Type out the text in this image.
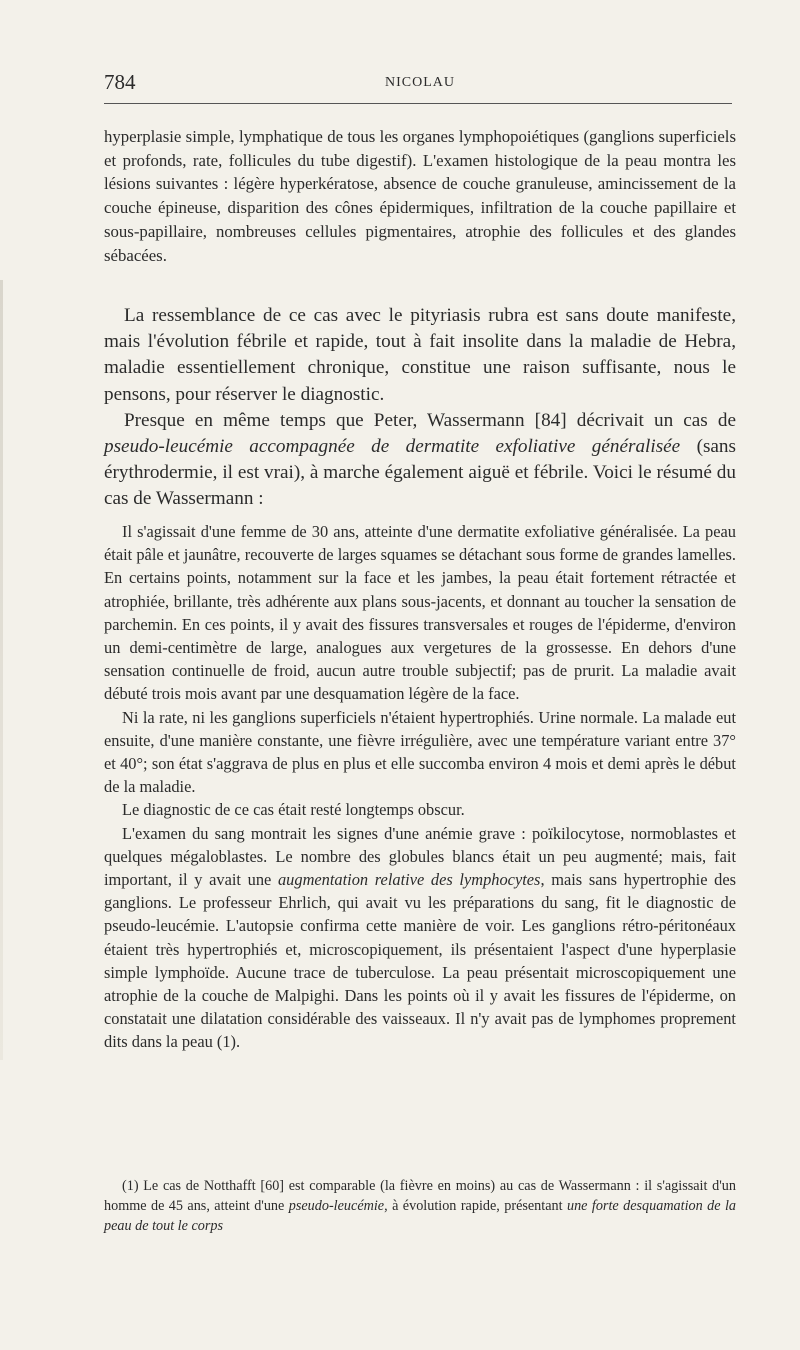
784	NICOLAU

hyperplasie simple, lymphatique de tous les organes lymphopoiétiques (ganglions superficiels et profonds, rate, follicules du tube digestif). L'examen histologique de la peau montra les lésions suivantes : légère hyperkératose, absence de couche granuleuse, amincissement de la couche épineuse, disparition des cônes épidermiques, infiltration de la couche papillaire et sous-papillaire, nombreuses cellules pigmentaires, atrophie des follicules et des glandes sébacées.

La ressemblance de ce cas avec le pityriasis rubra est sans doute manifeste, mais l'évolution fébrile et rapide, tout à fait insolite dans la maladie de Hebra, maladie essentiellement chronique, constitue une raison suffisante, nous le pensons, pour réserver le diagnostic.

Presque en même temps que Peter, Wassermann [84] décrivait un cas de pseudo-leucémie accompagnée de dermatite exfoliative généralisée (sans érythrodermie, il est vrai), à marche également aiguë et fébrile. Voici le résumé du cas de Wassermann :

Il s'agissait d'une femme de 30 ans, atteinte d'une dermatite exfoliative généralisée. La peau était pâle et jaunâtre, recouverte de larges squames se détachant sous forme de grandes lamelles. En certains points, notamment sur la face et les jambes, la peau était fortement rétractée et atrophiée, brillante, très adhérente aux plans sous-jacents, et donnant au toucher la sensation de parchemin. En ces points, il y avait des fissures transversales et rouges de l'épiderme, d'environ un demi-centimètre de large, analogues aux vergetures de la grossesse. En dehors d'une sensation continuelle de froid, aucun autre trouble subjectif; pas de prurit. La maladie avait débuté trois mois avant par une desquamation légère de la face.

Ni la rate, ni les ganglions superficiels n'étaient hypertrophiés. Urine normale. La malade eut ensuite, d'une manière constante, une fièvre irrégulière, avec une température variant entre 37° et 40°; son état s'aggrava de plus en plus et elle succomba environ 4 mois et demi après le début de la maladie.

Le diagnostic de ce cas était resté longtemps obscur.

L'examen du sang montrait les signes d'une anémie grave : poïkilocytose, normoblastes et quelques mégaloblastes. Le nombre des globules blancs était un peu augmenté; mais, fait important, il y avait une augmentation relative des lymphocytes, mais sans hypertrophie des ganglions. Le professeur Ehrlich, qui avait vu les préparations du sang, fit le diagnostic de pseudo-leucémie. L'autopsie confirma cette manière de voir. Les ganglions rétro-péritonéaux étaient très hypertrophiés et, microscopiquement, ils présentaient l'aspect d'une hyperplasie simple lymphoïde. Aucune trace de tuberculose. La peau présentait microscopiquement une atrophie de la couche de Malpighi. Dans les points où il y avait les fissures de l'épiderme, on constatait une dilatation considérable des vaisseaux. Il n'y avait pas de lymphomes proprement dits dans la peau (1).

(1) Le cas de Notthafft [60] est comparable (la fièvre en moins) au cas de Wassermann : il s'agissait d'un homme de 45 ans, atteint d'une pseudo-leucémie, à évolution rapide, présentant une forte desquamation de la peau de tout le corps
